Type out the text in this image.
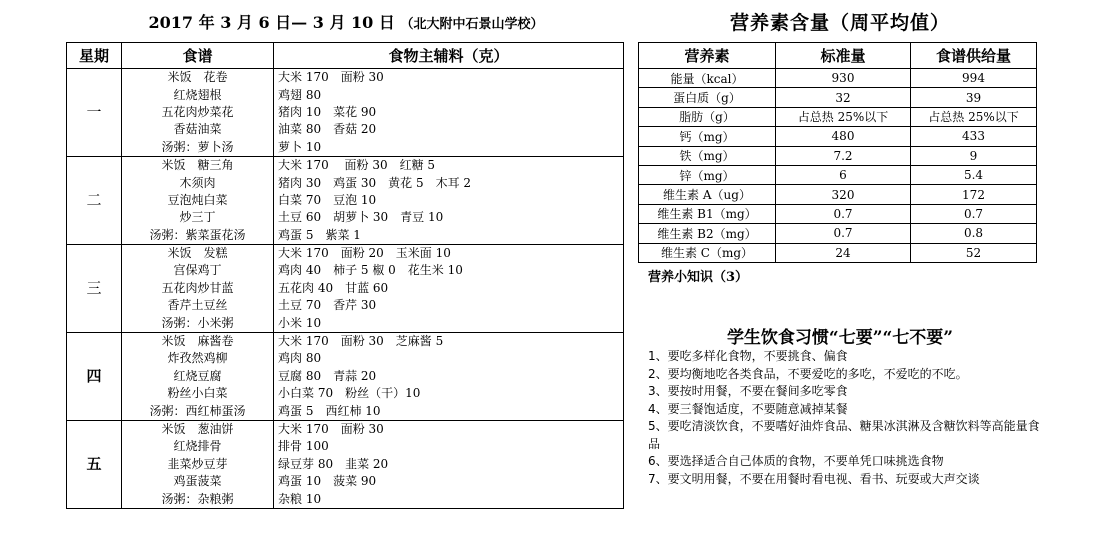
2017 年 3 月 6 日— 3 月 10 日 （北大附中石景山学校）	营养素含量（周平均值）
星期	食谱	食物主辅料（克）
一	米饭　花卷	大米 170　面粉 30
	红烧翅根	鸡翅 80
	五花肉炒菜花	猪肉 10　菜花 90
	香菇油菜	油菜 80　香菇 20
	汤粥：萝卜汤	萝卜 10
二	米饭　糖三角	大米 170　 面粉 30　红糖 5
	木须肉	猪肉 30　鸡蛋 30　黄花 5　木耳 2
	豆泡炖白菜	白菜 70　豆泡 10
	炒三丁	土豆 60　胡萝卜 30　青豆 10
	汤粥：紫菜蛋花汤	鸡蛋 5　紫菜 1
三	米饭　发糕	大米 170　面粉 20　玉米面 10
	宫保鸡丁	鸡肉 40　柿子 5 椒 0　花生米 10
	五花肉炒甘蓝	五花肉 40　甘蓝 60
	香芹土豆丝	土豆 70　香芹 30
	汤粥：小米粥	小米 10
四	米饭　麻酱卷	大米 170　面粉 30　芝麻酱 5
	炸孜然鸡柳	鸡肉 80
	红烧豆腐	豆腐 80　青蒜 20
	粉丝小白菜	小白菜 70　粉丝（干）10
	汤粥：西红柿蛋汤	鸡蛋 5　西红柿 10
五	米饭　葱油饼	大米 170　面粉 30
	红烧排骨	排骨 100
	韭菜炒豆芽	绿豆芽 80　韭菜 20
	鸡蛋菠菜	鸡蛋 10　菠菜 90
	汤粥：杂粮粥	杂粮 10
营养素	标准量	食谱供给量
能量（kcal）	930	994
蛋白质（g）	32	39
脂肪（g）	占总热 25%以下	占总热 25%以下
钙（mg）	480	433
铁（mg）	7.2	9
锌（mg）	6	5.4
维生素 A（ug）	320	172
维生素 B1（mg）	0.7	0.7
维生素 B2（mg）	0.7	0.8
维生素 C（mg）	24	52
营养小知识（3）
学生饮食习惯“七要”“七不要”
1、要吃多样化食物，不要挑食、偏食
2、要均衡地吃各类食品，不要爱吃的多吃，不爱吃的不吃。
3、要按时用餐，不要在餐间多吃零食
4、要三餐饱适度，不要随意减掉某餐
5、要吃清淡饮食，不要嗜好油炸食品、糖果冰淇淋及含糖饮料等高能量食品
6、要选择适合自己体质的食物，不要单凭口味挑选食物
7、要文明用餐，不要在用餐时看电视、看书、玩耍或大声交谈
